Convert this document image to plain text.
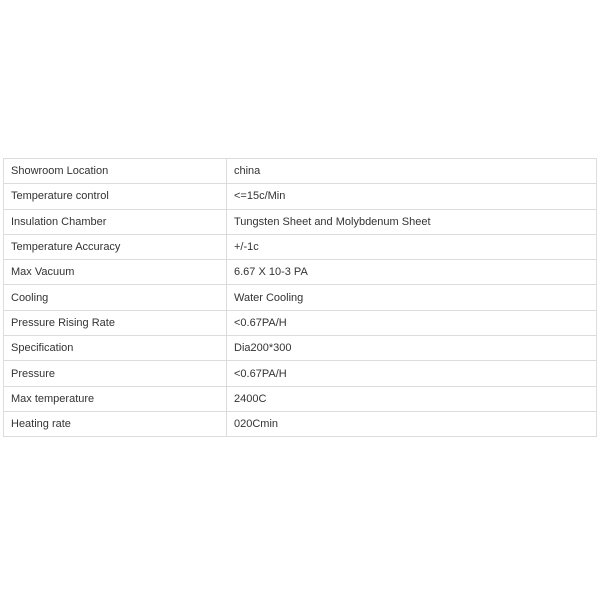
Showroom Location	china
Temperature control	<=15c/Min
Insulation Chamber	Tungsten Sheet and Molybdenum Sheet
Temperature Accuracy	+/-1c
Max Vacuum	6.67 X 10-3 PA
Cooling	Water Cooling
Pressure Rising Rate	<0.67PA/H
Specification	Dia200*300
Pressure	<0.67PA/H
Max temperature	2400C
Heating rate	020Cmin
